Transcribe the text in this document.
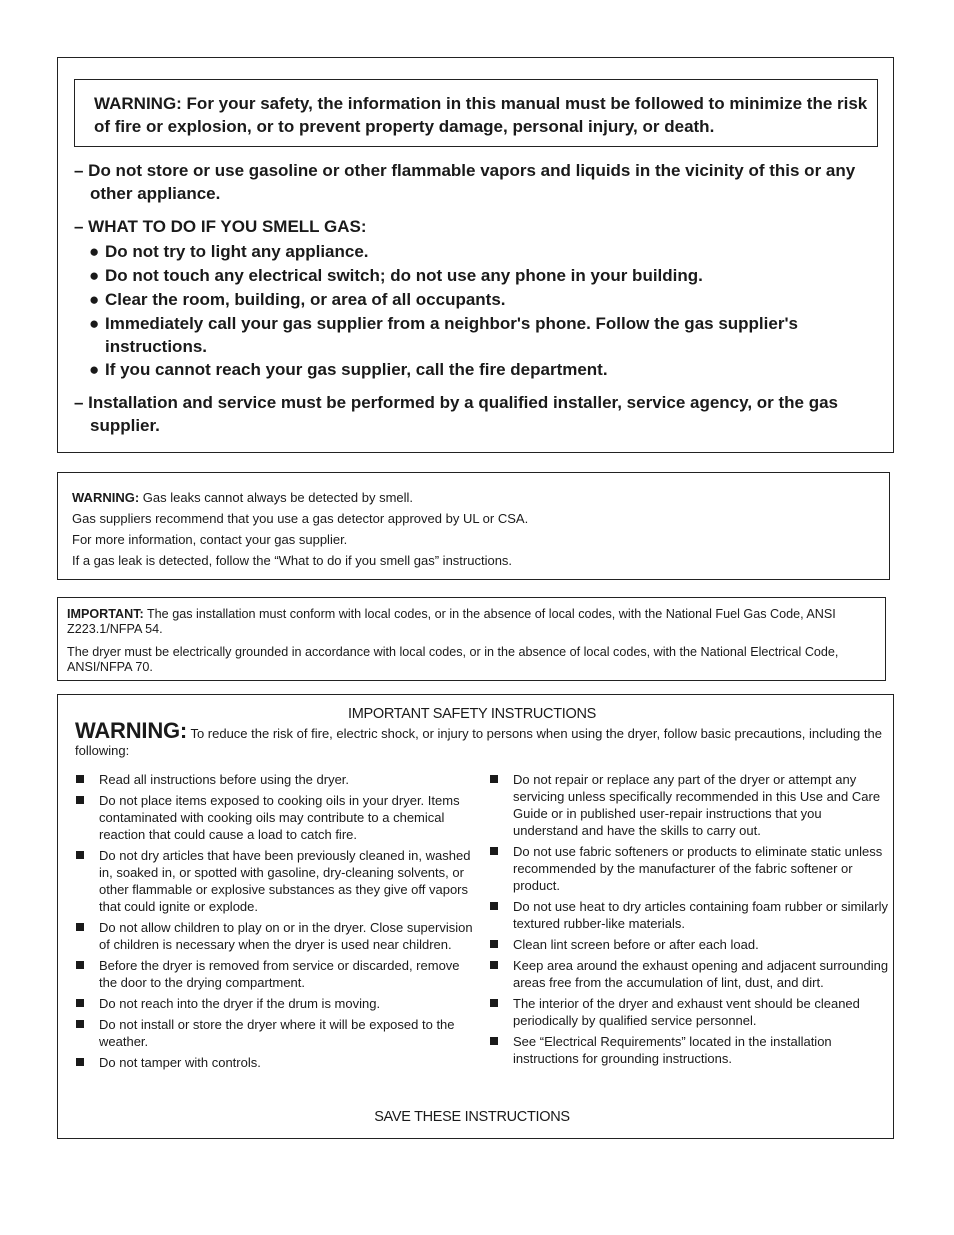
WARNING: For your safety, the information in this manual must be followed to minimize the risk of fire or explosion, or to prevent property damage, personal injury, or death.
– Do not store or use gasoline or other flammable vapors and liquids in the vicinity of this or any other appliance.
– WHAT TO DO IF YOU SMELL GAS:
● Do not try to light any appliance.
● Do not touch any electrical switch; do not use any phone in your building.
● Clear the room, building, or area of all occupants.
● Immediately call your gas supplier from a neighbor's phone. Follow the gas supplier's instructions.
● If you cannot reach your gas supplier, call the fire department.
– Installation and service must be performed by a qualified installer, service agency, or the gas supplier.

WARNING: Gas leaks cannot always be detected by smell.

Gas suppliers recommend that you use a gas detector approved by UL or CSA.

For more information, contact your gas supplier.

If a gas leak is detected, follow the “What to do if you smell gas” instructions.

IMPORTANT: The gas installation must conform with local codes, or in the absence of local codes, with the National Fuel Gas Code, ANSI Z223.1/NFPA 54.

The dryer must be electrically grounded in accordance with local codes, or in the absence of local codes, with the National Electrical Code, ANSI/NFPA 70.

IMPORTANT SAFETY INSTRUCTIONS
WARNING: To reduce the risk of fire, electric shock, or injury to persons when using the dryer, follow basic precautions, including the following:
Read all instructions before using the dryer.
Do not place items exposed to cooking oils in your dryer. Items contaminated with cooking oils may contribute to a chemical reaction that could cause a load to catch fire.
Do not dry articles that have been previously cleaned in, washed in, soaked in, or spotted with gasoline, dry-cleaning solvents, or other flammable or explosive substances as they give off vapors that could ignite or explode.
Do not allow children to play on or in the dryer. Close supervision of children is necessary when the dryer is used near children.
Before the dryer is removed from service or discarded, remove the door to the drying compartment.
Do not reach into the dryer if the drum is moving.
Do not install or store the dryer where it will be exposed to the weather.
Do not tamper with controls.
Do not repair or replace any part of the dryer or attempt any servicing unless specifically recommended in this Use and Care Guide or in published user-repair instructions that you understand and have the skills to carry out.
Do not use fabric softeners or products to eliminate static unless recommended by the manufacturer of the fabric softener or product.
Do not use heat to dry articles containing foam rubber or similarly textured rubber-like materials.
Clean lint screen before or after each load.
Keep area around the exhaust opening and adjacent surrounding areas free from the accumulation of lint, dust, and dirt.
The interior of the dryer and exhaust vent should be cleaned periodically by qualified service personnel.
See “Electrical Requirements” located in the installation instructions for grounding instructions.
SAVE THESE INSTRUCTIONS
